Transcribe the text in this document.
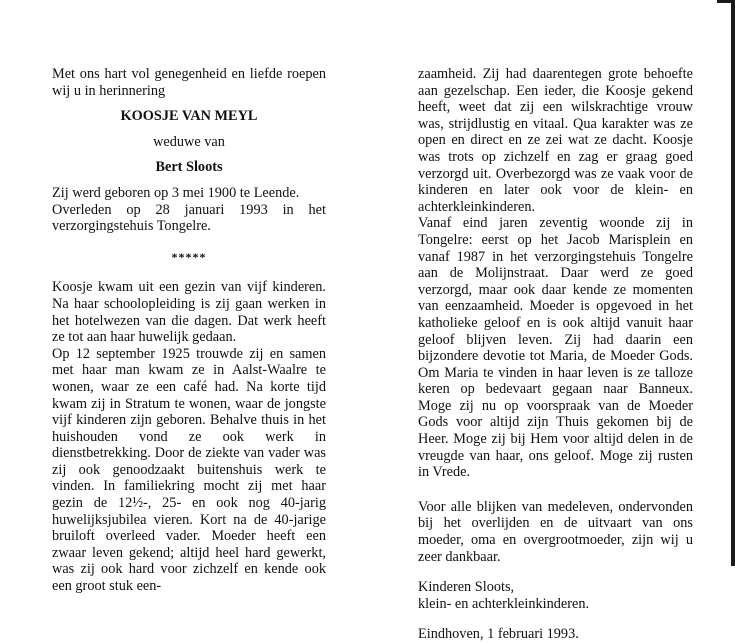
Met ons hart vol genegenheid en liefde roepen wij u in herinnering

KOOSJE VAN MEYL

weduwe van

Bert Sloots

Zij werd geboren op 3 mei 1900 te Leende.

Overleden op 28 januari 1993 in het verzorgingstehuis Tongelre.

*****

Koosje kwam uit een gezin van vijf kinderen. Na haar schoolopleiding is zij gaan werken in het hotelwezen van die dagen. Dat werk heeft ze tot aan haar huwelijk gedaan.

Op 12 september 1925 trouwde zij en samen met haar man kwam ze in Aalst-Waalre te wonen, waar ze een café had. Na korte tijd kwam zij in Stratum te wonen, waar de jongste vijf kinderen zijn geboren. Behalve thuis in het huishouden vond ze ook werk in dienstbetrekking. Door de ziekte van vader was zij ook genoodzaakt buitenshuis werk te vinden. In familiekring mocht zij met haar gezin de 12½-, 25- en ook nog 40-jarig huwelijksjubilea vieren. Kort na de 40-jarige bruiloft overleed vader. Moeder heeft een zwaar leven gekend; altijd heel hard gewerkt, was zij ook hard voor zichzelf en kende ook een groot stuk een-

zaamheid. Zij had daarentegen grote behoefte aan gezelschap. Een ieder, die Koosje gekend heeft, weet dat zij een wilskrachtige vrouw was, strijdlustig en vitaal. Qua karakter was ze open en direct en ze zei wat ze dacht. Koosje was trots op zichzelf en zag er graag goed verzorgd uit. Overbezorgd was ze vaak voor de kinderen en later ook voor de klein- en achterkleinkinderen.

Vanaf eind jaren zeventig woonde zij in Tongelre: eerst op het Jacob Marisplein en vanaf 1987 in het verzorgingstehuis Tongelre aan de Molijnstraat. Daar werd ze goed verzorgd, maar ook daar kende ze momenten van eenzaamheid. Moeder is opgevoed in het katholieke geloof en is ook altijd vanuit haar geloof blijven leven. Zij had daarin een bijzondere devotie tot Maria, de Moeder Gods. Om Maria te vinden in haar leven is ze talloze keren op bedevaart gegaan naar Banneux. Moge zij nu op voorspraak van de Moeder Gods voor altijd zijn Thuis gekomen bij de Heer. Moge zij bij Hem voor altijd delen in de vreugde van haar, ons geloof. Moge zij rusten in Vrede.

Voor alle blijken van medeleven, ondervonden bij het overlijden en de uitvaart van ons moeder, oma en overgrootmoeder, zijn wij u zeer dankbaar.

Kinderen Sloots,

klein- en achterkleinkinderen.

Eindhoven, 1 februari 1993.
